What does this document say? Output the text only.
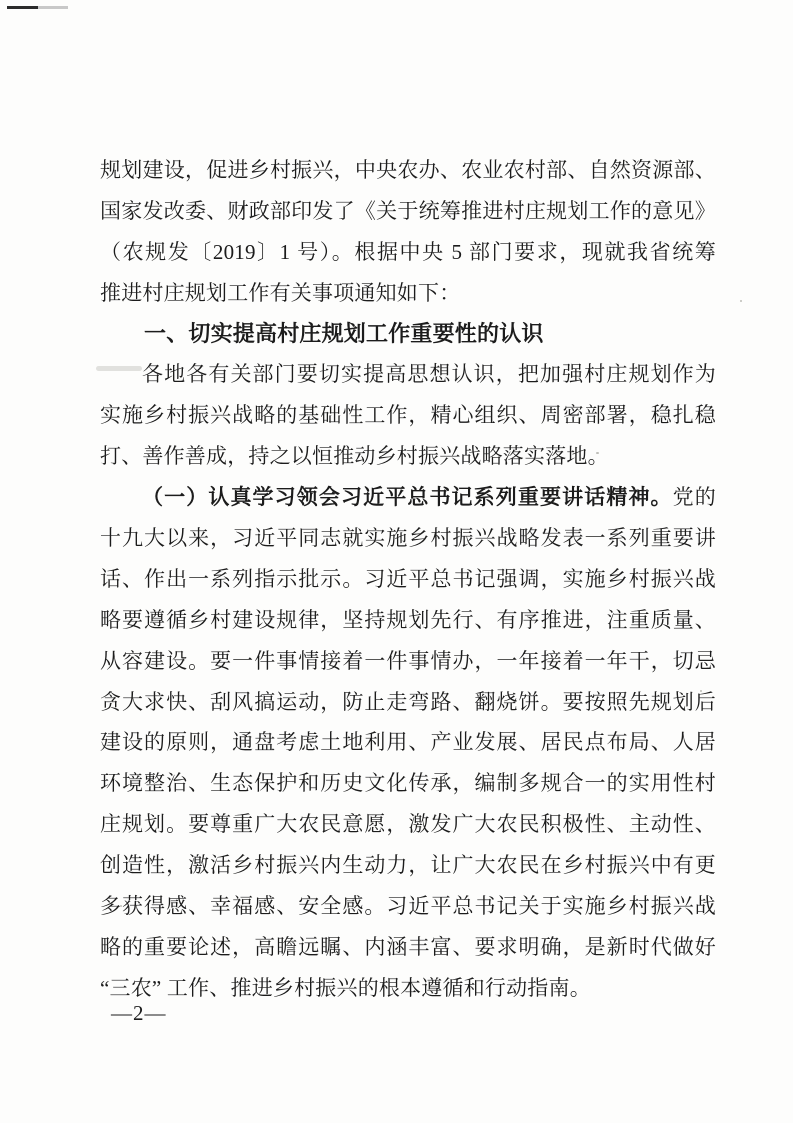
规划建设，促进乡村振兴，中央农办、农业农村部、自然资源部、
国家发改委、财政部印发了《关于统筹推进村庄规划工作的意见》
（农规发〔2019〕1 号）。根据中央 5 部门要求，现就我省统筹
推进村庄规划工作有关事项通知如下：
一、切实提高村庄规划工作重要性的认识
各地各有关部门要切实提高思想认识，把加强村庄规划作为
实施乡村振兴战略的基础性工作，精心组织、周密部署，稳扎稳
打、善作善成，持之以恒推动乡村振兴战略落实落地。
（一）认真学习领会习近平总书记系列重要讲话精神。党的
十九大以来，习近平同志就实施乡村振兴战略发表一系列重要讲
话、作出一系列指示批示。习近平总书记强调，实施乡村振兴战
略要遵循乡村建设规律，坚持规划先行、有序推进，注重质量、
从容建设。要一件事情接着一件事情办，一年接着一年干，切忌
贪大求快、刮风搞运动，防止走弯路、翻烧饼。要按照先规划后
建设的原则，通盘考虑土地利用、产业发展、居民点布局、人居
环境整治、生态保护和历史文化传承，编制多规合一的实用性村
庄规划。要尊重广大农民意愿，激发广大农民积极性、主动性、
创造性，激活乡村振兴内生动力，让广大农民在乡村振兴中有更
多获得感、幸福感、安全感。习近平总书记关于实施乡村振兴战
略的重要论述，高瞻远瞩、内涵丰富、要求明确，是新时代做好
“三农” 工作、推进乡村振兴的根本遵循和行动指南。
—2—
